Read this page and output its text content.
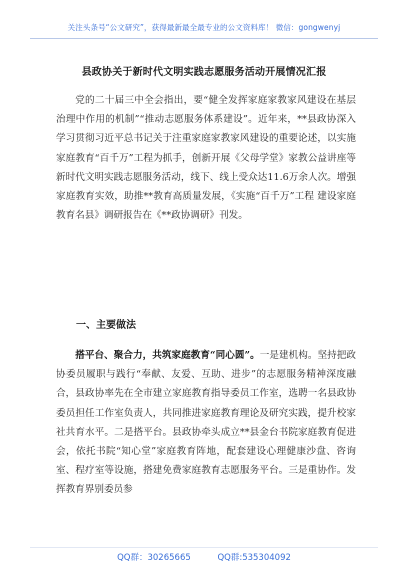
关注头条号“公文研究”，获得最新最全最专业的公文资料库！ 微信：gongwenyj
县政协关于新时代文明实践志愿服务活动开展情况汇报

党的二十届三中全会指出，要“健全发挥家庭家教家风建设在基层治理中作用的机制”“推动志愿服务体系建设”。近年来，**县政协深入学习贯彻习近平总书记关于注重家庭家教家风建设的重要论述，以实施家庭教育“百千万”工程为抓手，创新开展《父母学堂》家教公益讲座等新时代文明实践志愿服务活动，线下、线上受众达11.6万余人次。增强家庭教育实效，助推**教育高质量发展，《实施“百千万”工程 建设家庭教育名县》调研报告在《**政协调研》刊发。

一、主要做法

搭平台、聚合力，共筑家庭教育“同心圆”。一是建机构。坚持把政协委员履职与践行“奉献、友爱、互助、进步”的志愿服务精神深度融合，县政协率先在全市建立家庭教育指导委员工作室，选聘一名县政协委员担任工作室负责人，共同推进家庭教育理论及研究实践，提升校家社共育水平。二是搭平台。县政协牵头成立**县金台书院家庭教育促进会，依托书院“知心堂”家庭教育阵地，配套建设心理健康沙盘、咨询室、程疗室等设施，搭建免费家庭教育志愿服务平台。三是重协作。发挥教育界别委员参

QQ群：30265665	QQ群:535304092
